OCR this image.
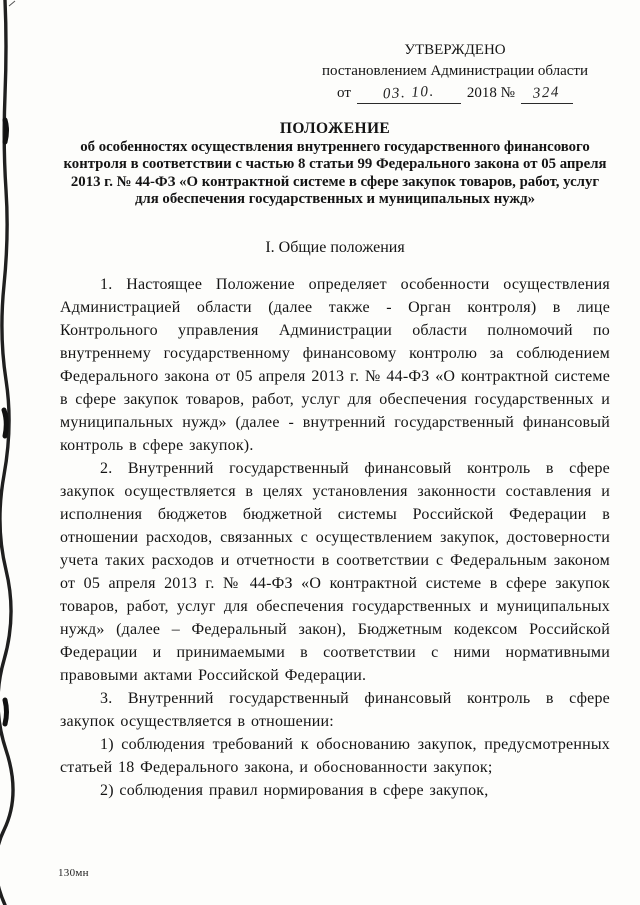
УТВЕРЖДЕНО
постановлением Администрации области
от 03. 10. 2018 № 324
ПОЛОЖЕНИЕ
об особенностях осуществления внутреннего государственного финансового контроля в соответствии с частью 8 статьи 99 Федерального закона от 05 апреля 2013 г. № 44-ФЗ «О контрактной системе в сфере закупок товаров, работ, услуг для обеспечения государственных и муниципальных нужд»
I. Общие положения

1. Настоящее Положение определяет особенности осуществления Администрацией области (далее также - Орган контроля) в лице Контрольного управления Администрации области полномочий по внутреннему государственному финансовому контролю за соблюдением Федерального закона от 05 апреля 2013 г. № 44-ФЗ «О контрактной системе в сфере закупок товаров, работ, услуг для обеспечения государственных и муниципальных нужд» (далее - внутренний государственный финансовый контроль в сфере закупок).

2. Внутренний государственный финансовый контроль в сфере закупок осуществляется в целях установления законности составления и исполнения бюджетов бюджетной системы Российской Федерации в отношении расходов, связанных с осуществлением закупок, достоверности учета таких расходов и отчетности в соответствии с Федеральным законом от 05 апреля 2013 г. № 44-ФЗ «О контрактной системе в сфере закупок товаров, работ, услуг для обеспечения государственных и муниципальных нужд» (далее – Федеральный закон), Бюджетным кодексом Российской Федерации и принимаемыми в соответствии с ними нормативными правовыми актами Российской Федерации.

3. Внутренний государственный финансовый контроль в сфере закупок осуществляется в отношении:

1) соблюдения требований к обоснованию закупок, предусмотренных статьей 18 Федерального закона, и обоснованности закупок;

2) соблюдения правил нормирования в сфере закупок,

130мн
